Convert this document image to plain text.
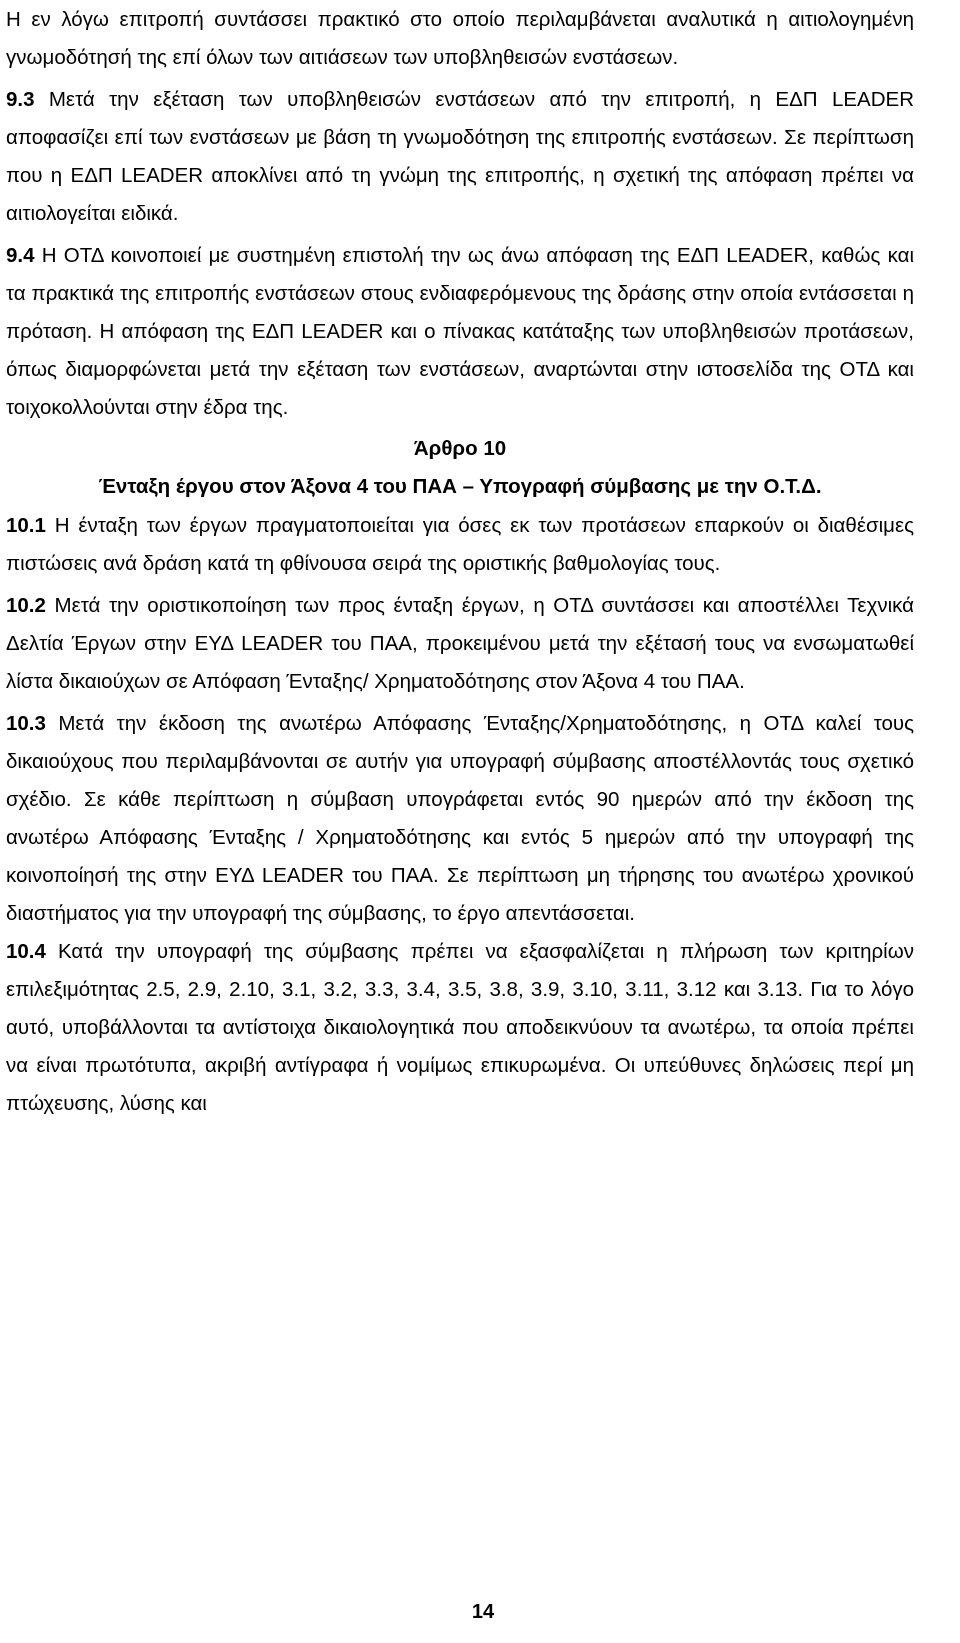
Η εν λόγω επιτροπή συντάσσει πρακτικό στο οποίο περιλαμβάνεται αναλυτικά η αιτιολογημένη γνωμοδότησή της επί όλων των αιτιάσεων των υποβληθεισών ενστάσεων.

9.3 Μετά την εξέταση των υποβληθεισών ενστάσεων από την επιτροπή, η ΕΔΠ LEADER αποφασίζει επί των ενστάσεων με βάση τη γνωμοδότηση της επιτροπής ενστάσεων. Σε περίπτωση που η ΕΔΠ LEADER αποκλίνει από τη γνώμη της επιτροπής, η σχετική της απόφαση πρέπει να αιτιολογείται ειδικά.

9.4 Η ΟΤΔ κοινοποιεί με συστημένη επιστολή την ως άνω απόφαση της ΕΔΠ LEADER, καθώς και τα πρακτικά της επιτροπής ενστάσεων στους ενδιαφερόμενους της δράσης στην οποία εντάσσεται η πρόταση. Η απόφαση της ΕΔΠ LEADER και ο πίνακας κατάταξης των υποβληθεισών προτάσεων, όπως διαμορφώνεται μετά την εξέταση των ενστάσεων, αναρτώνται στην ιστοσελίδα της ΟΤΔ και τοιχοκολλούνται στην έδρα της.

Άρθρο 10

Ένταξη έργου στον Άξονα 4 του ΠΑΑ – Υπογραφή σύμβασης με την Ο.Τ.Δ.

10.1 Η ένταξη των έργων πραγματοποιείται για όσες εκ των προτάσεων επαρκούν οι διαθέσιμες πιστώσεις ανά δράση κατά τη φθίνουσα σειρά της οριστικής βαθμολογίας τους.

10.2 Μετά την οριστικοποίηση των προς ένταξη έργων, η ΟΤΔ συντάσσει και αποστέλλει Τεχνικά Δελτία Έργων στην ΕΥΔ LEADER του ΠΑΑ, προκειμένου μετά την εξέτασή τους να ενσωματωθεί λίστα δικαιούχων σε Απόφαση Ένταξης/ Χρηματοδότησης στον Άξονα 4 του ΠΑΑ.

10.3 Μετά την έκδοση της ανωτέρω Απόφασης Ένταξης/Χρηματοδότησης, η ΟΤΔ καλεί τους δικαιούχους που περιλαμβάνονται σε αυτήν για υπογραφή σύμβασης αποστέλλοντάς τους σχετικό σχέδιο. Σε κάθε περίπτωση η σύμβαση υπογράφεται εντός 90 ημερών από την έκδοση της ανωτέρω Απόφασης Ένταξης / Χρηματοδότησης και εντός 5 ημερών από την υπογραφή της κοινοποίησή της στην ΕΥΔ LEADER του ΠΑΑ. Σε περίπτωση μη τήρησης του ανωτέρω χρονικού διαστήματος για την υπογραφή της σύμβασης, το έργο απεντάσσεται.

10.4 Κατά την υπογραφή της σύμβασης πρέπει να εξασφαλίζεται η πλήρωση των κριτηρίων επιλεξιμότητας 2.5, 2.9, 2.10, 3.1, 3.2, 3.3, 3.4, 3.5, 3.8, 3.9, 3.10, 3.11, 3.12 και 3.13. Για το λόγο αυτό, υποβάλλονται τα αντίστοιχα δικαιολογητικά που αποδεικνύουν τα ανωτέρω, τα οποία πρέπει να είναι πρωτότυπα, ακριβή αντίγραφα ή νομίμως επικυρωμένα. Οι υπεύθυνες δηλώσεις περί μη πτώχευσης, λύσης και

14
